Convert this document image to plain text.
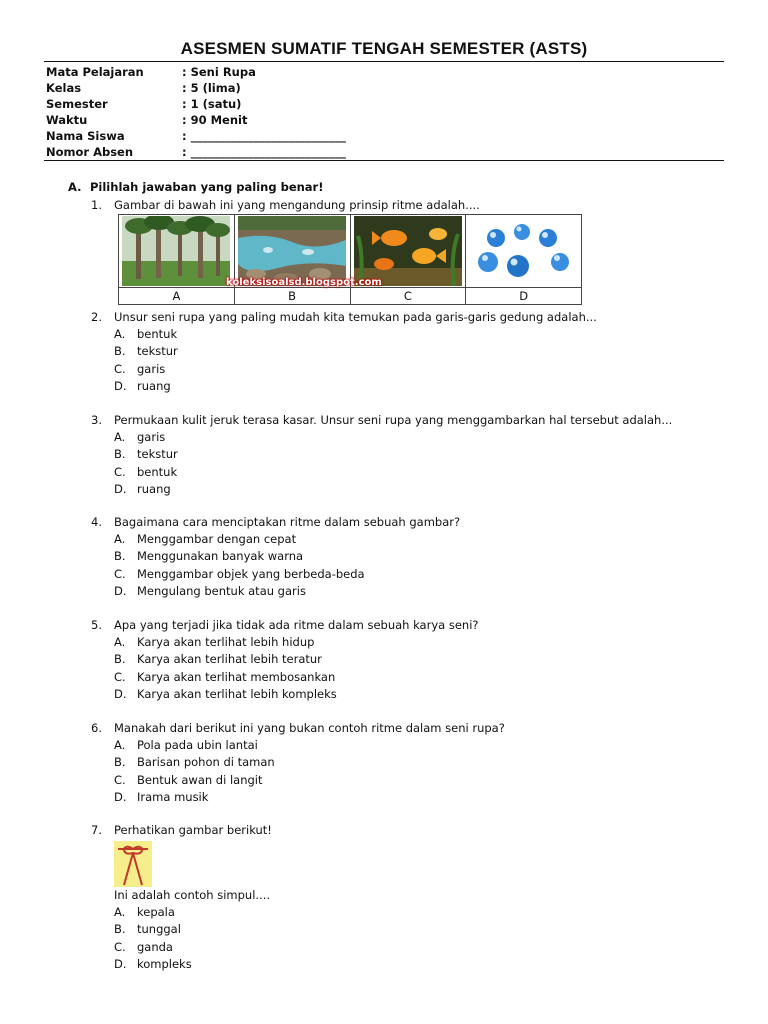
ASESMEN SUMATIF TENGAH SEMESTER (ASTS)
Mata Pelajaran	: Seni Rupa
Kelas	: 5 (lima)
Semester	: 1 (satu)
Waktu	: 90 Menit
Nama Siswa	: ___________________________
Nomor Absen	: ___________________________
A. Pilihlah jawaban yang paling benar!
1. Gambar di bawah ini yang mengandung prinsip ritme adalah....

A	B	C	D
koleksisoalsd.blogspot.com
2. Unsur seni rupa yang paling mudah kita temukan pada garis-garis gedung adalah...
A. bentuk
B. tekstur
C. garis
D. ruang
3. Permukaan kulit jeruk terasa kasar. Unsur seni rupa yang menggambarkan hal tersebut adalah...
A. garis
B. tekstur
C. bentuk
D. ruang
4. Bagaimana cara menciptakan ritme dalam sebuah gambar?
A. Menggambar dengan cepat
B. Menggunakan banyak warna
C. Menggambar objek yang berbeda-beda
D. Mengulang bentuk atau garis
5. Apa yang terjadi jika tidak ada ritme dalam sebuah karya seni?
A. Karya akan terlihat lebih hidup
B. Karya akan terlihat lebih teratur
C. Karya akan terlihat membosankan
D. Karya akan terlihat lebih kompleks
6. Manakah dari berikut ini yang bukan contoh ritme dalam seni rupa?
A. Pola pada ubin lantai
B. Barisan pohon di taman
C. Bentuk awan di langit
D. Irama musik
7. Perhatikan gambar berikut!
Ini adalah contoh simpul....
A. kepala
B. tunggal
C. ganda
D. kompleks
